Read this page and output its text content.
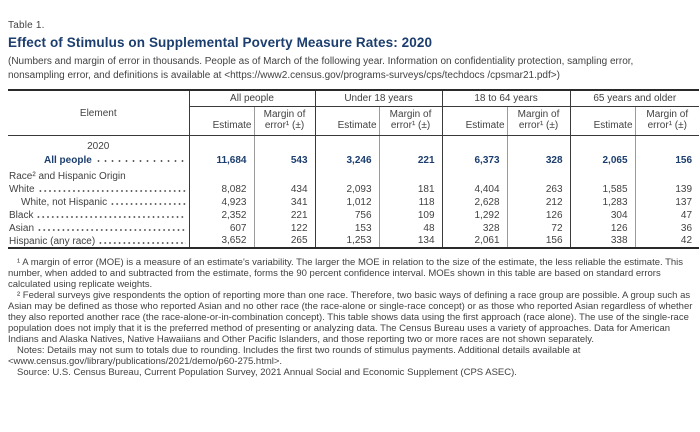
Table 1.
Effect of Stimulus on Supplemental Poverty Measure Rates: 2020
(Numbers and margin of error in thousands. People as of March of the following year. Information on confidentiality protection, sampling error, nonsampling error, and definitions is available at <https://www2.census.gov/programs-surveys/cps/techdocs /cpsmar21.pdf>)
Element	All people		Under 18 years		18 to 64 years		65 years and older	
	Estimate	Margin of error¹ (±)	Estimate	Margin of error¹ (±)	Estimate	Margin of error¹ (±)	Estimate	Margin of error¹ (±)
2020								

All people	11,684	543	3,246	221	6,373	328	2,065	156
Race² and Hispanic Origin								

White	8,082	434	2,093	181	4,404	263	1,585	139

White, not Hispanic	4,923	341	1,012	118	2,628	212	1,283	137

Black	2,352	221	756	109	1,292	126	304	47

Asian	607	122	153	48	328	72	126	36

Hispanic (any race)	3,652	265	1,253	134	2,061	156	338	42

¹ A margin of error (MOE) is a measure of an estimate's variability. The larger the MOE in relation to the size of the estimate, the less reliable the estimate. This number, when added to and subtracted from the estimate, forms the 90 percent confidence interval. MOEs shown in this table are based on standard errors calculated using replicate weights.

² Federal surveys give respondents the option of reporting more than one race. Therefore, two basic ways of defining a race group are possible. A group such as Asian may be defined as those who reported Asian and no other race (the race-alone or single-race concept) or as those who reported Asian regardless of whether they also reported another race (the race-alone-or-in-combination concept). This table shows data using the first approach (race alone). The use of the single-race population does not imply that it is the preferred method of presenting or analyzing data. The Census Bureau uses a variety of approaches. Data for American Indians and Alaska Natives, Native Hawaiians and Other Pacific Islanders, and those reporting two or more races are not shown separately.

Notes: Details may not sum to totals due to rounding. Includes the first two rounds of stimulus payments. Additional details available at <www.census.gov/library/publications/2021/demo/p60-275.html>.

Source: U.S. Census Bureau, Current Population Survey, 2021 Annual Social and Economic Supplement (CPS ASEC).
